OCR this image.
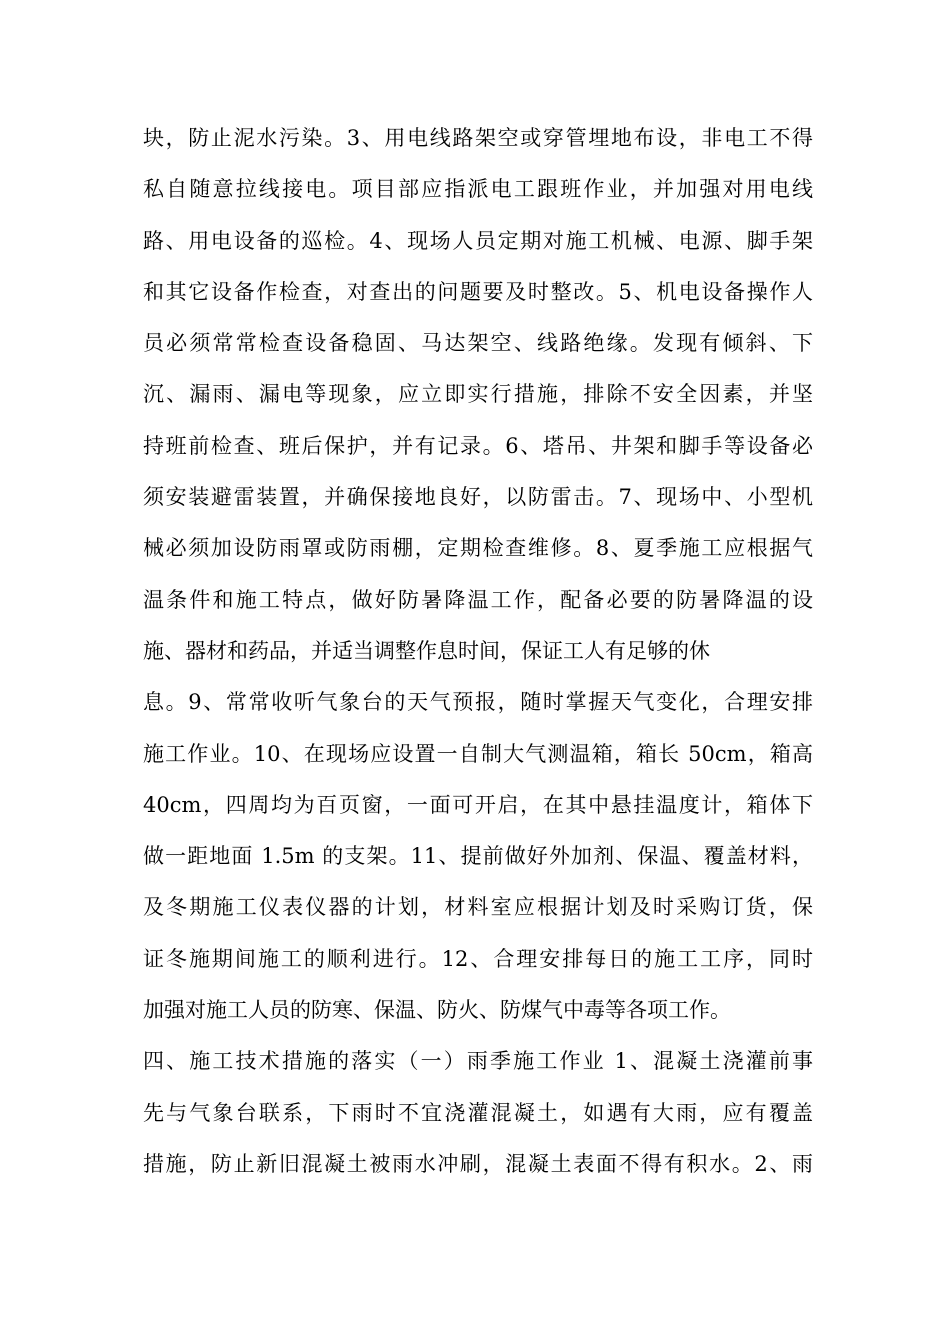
块，防止泥水污染。3、用电线路架空或穿管埋地布设，非电工不得
私自随意拉线接电。项目部应指派电工跟班作业，并加强对用电线
路、用电设备的巡检。4、现场人员定期对施工机械、电源、脚手架
和其它设备作检查，对查出的问题要及时整改。5、机电设备操作人
员必须常常检查设备稳固、马达架空、线路绝缘。发现有倾斜、下
沉、漏雨、漏电等现象，应立即实行措施，排除不安全因素，并坚
持班前检查、班后保护，并有记录。6、塔吊、井架和脚手等设备必
须安装避雷装置，并确保接地良好，以防雷击。7、现场中、小型机
械必须加设防雨罩或防雨棚，定期检查维修。8、夏季施工应根据气
温条件和施工特点，做好防暑降温工作，配备必要的防暑降温的设
施、器材和药品，并适当调整作息时间，保证工人有足够的休
息。9、常常收听气象台的天气预报，随时掌握天气变化，合理安排
施工作业。10、在现场应设置一自制大气测温箱，箱长 50cm，箱高
40cm，四周均为百页窗，一面可开启，在其中悬挂温度计，箱体下
做一距地面 1.5m 的支架。11、提前做好外加剂、保温、覆盖材料，
及冬期施工仪表仪器的计划，材料室应根据计划及时采购订货，保
证冬施期间施工的顺利进行。12、合理安排每日的施工工序，同时
加强对施工人员的防寒、保温、防火、防煤气中毒等各项工作。
四、施工技术措施的落实（一）雨季施工作业 1、混凝土浇灌前事
先与气象台联系，下雨时不宜浇灌混凝土，如遇有大雨，应有覆盖
措施，防止新旧混凝土被雨水冲刷，混凝土表面不得有积水。2、雨
